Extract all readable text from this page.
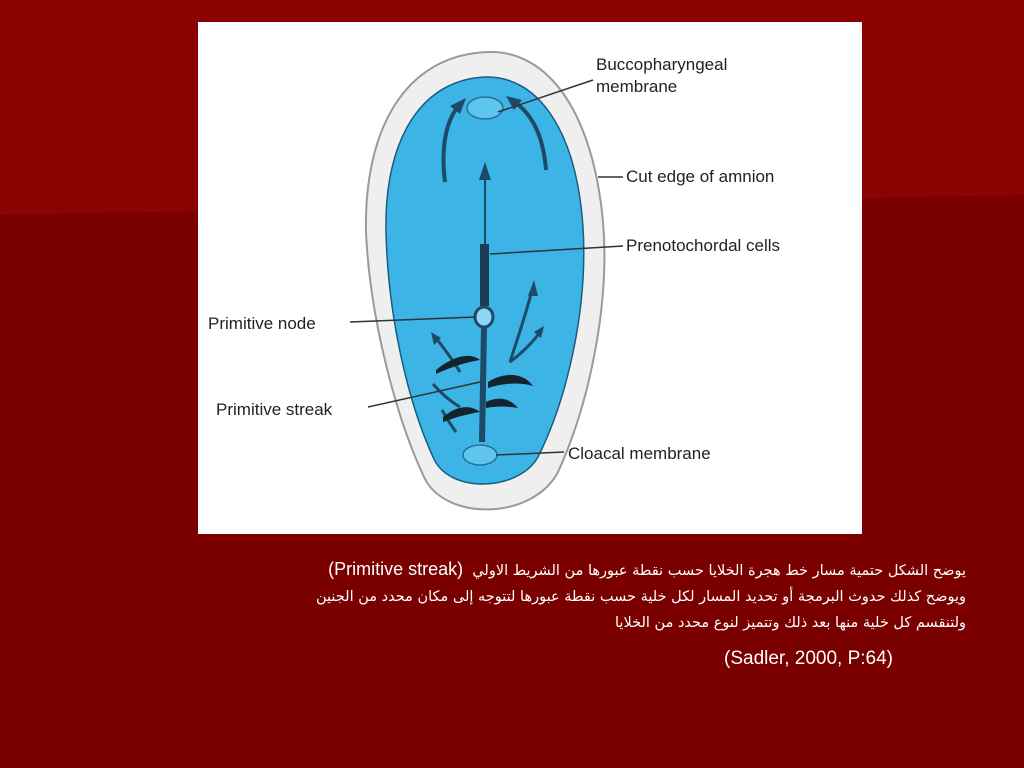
Buccopharyngeal
membrane
Cut edge of amnion
Prenotochordal cells
Primitive node
Primitive streak
Cloacal membrane
يوضح الشكل حتمية مسار خط هجرة الخلايا حسب نقطة عبورها من الشريط الاولي  (Primitive streak)
ويوضح كذلك حدوث البرمجة أو تحديد المسار لكل خلية حسب نقطة عبورها لتتوجه إلى مكان محدد من الجنين
ولتنقسم كل خلية منها بعد ذلك وتتميز لنوع محدد من الخلايا
(Sadler, 2000, P:64)
